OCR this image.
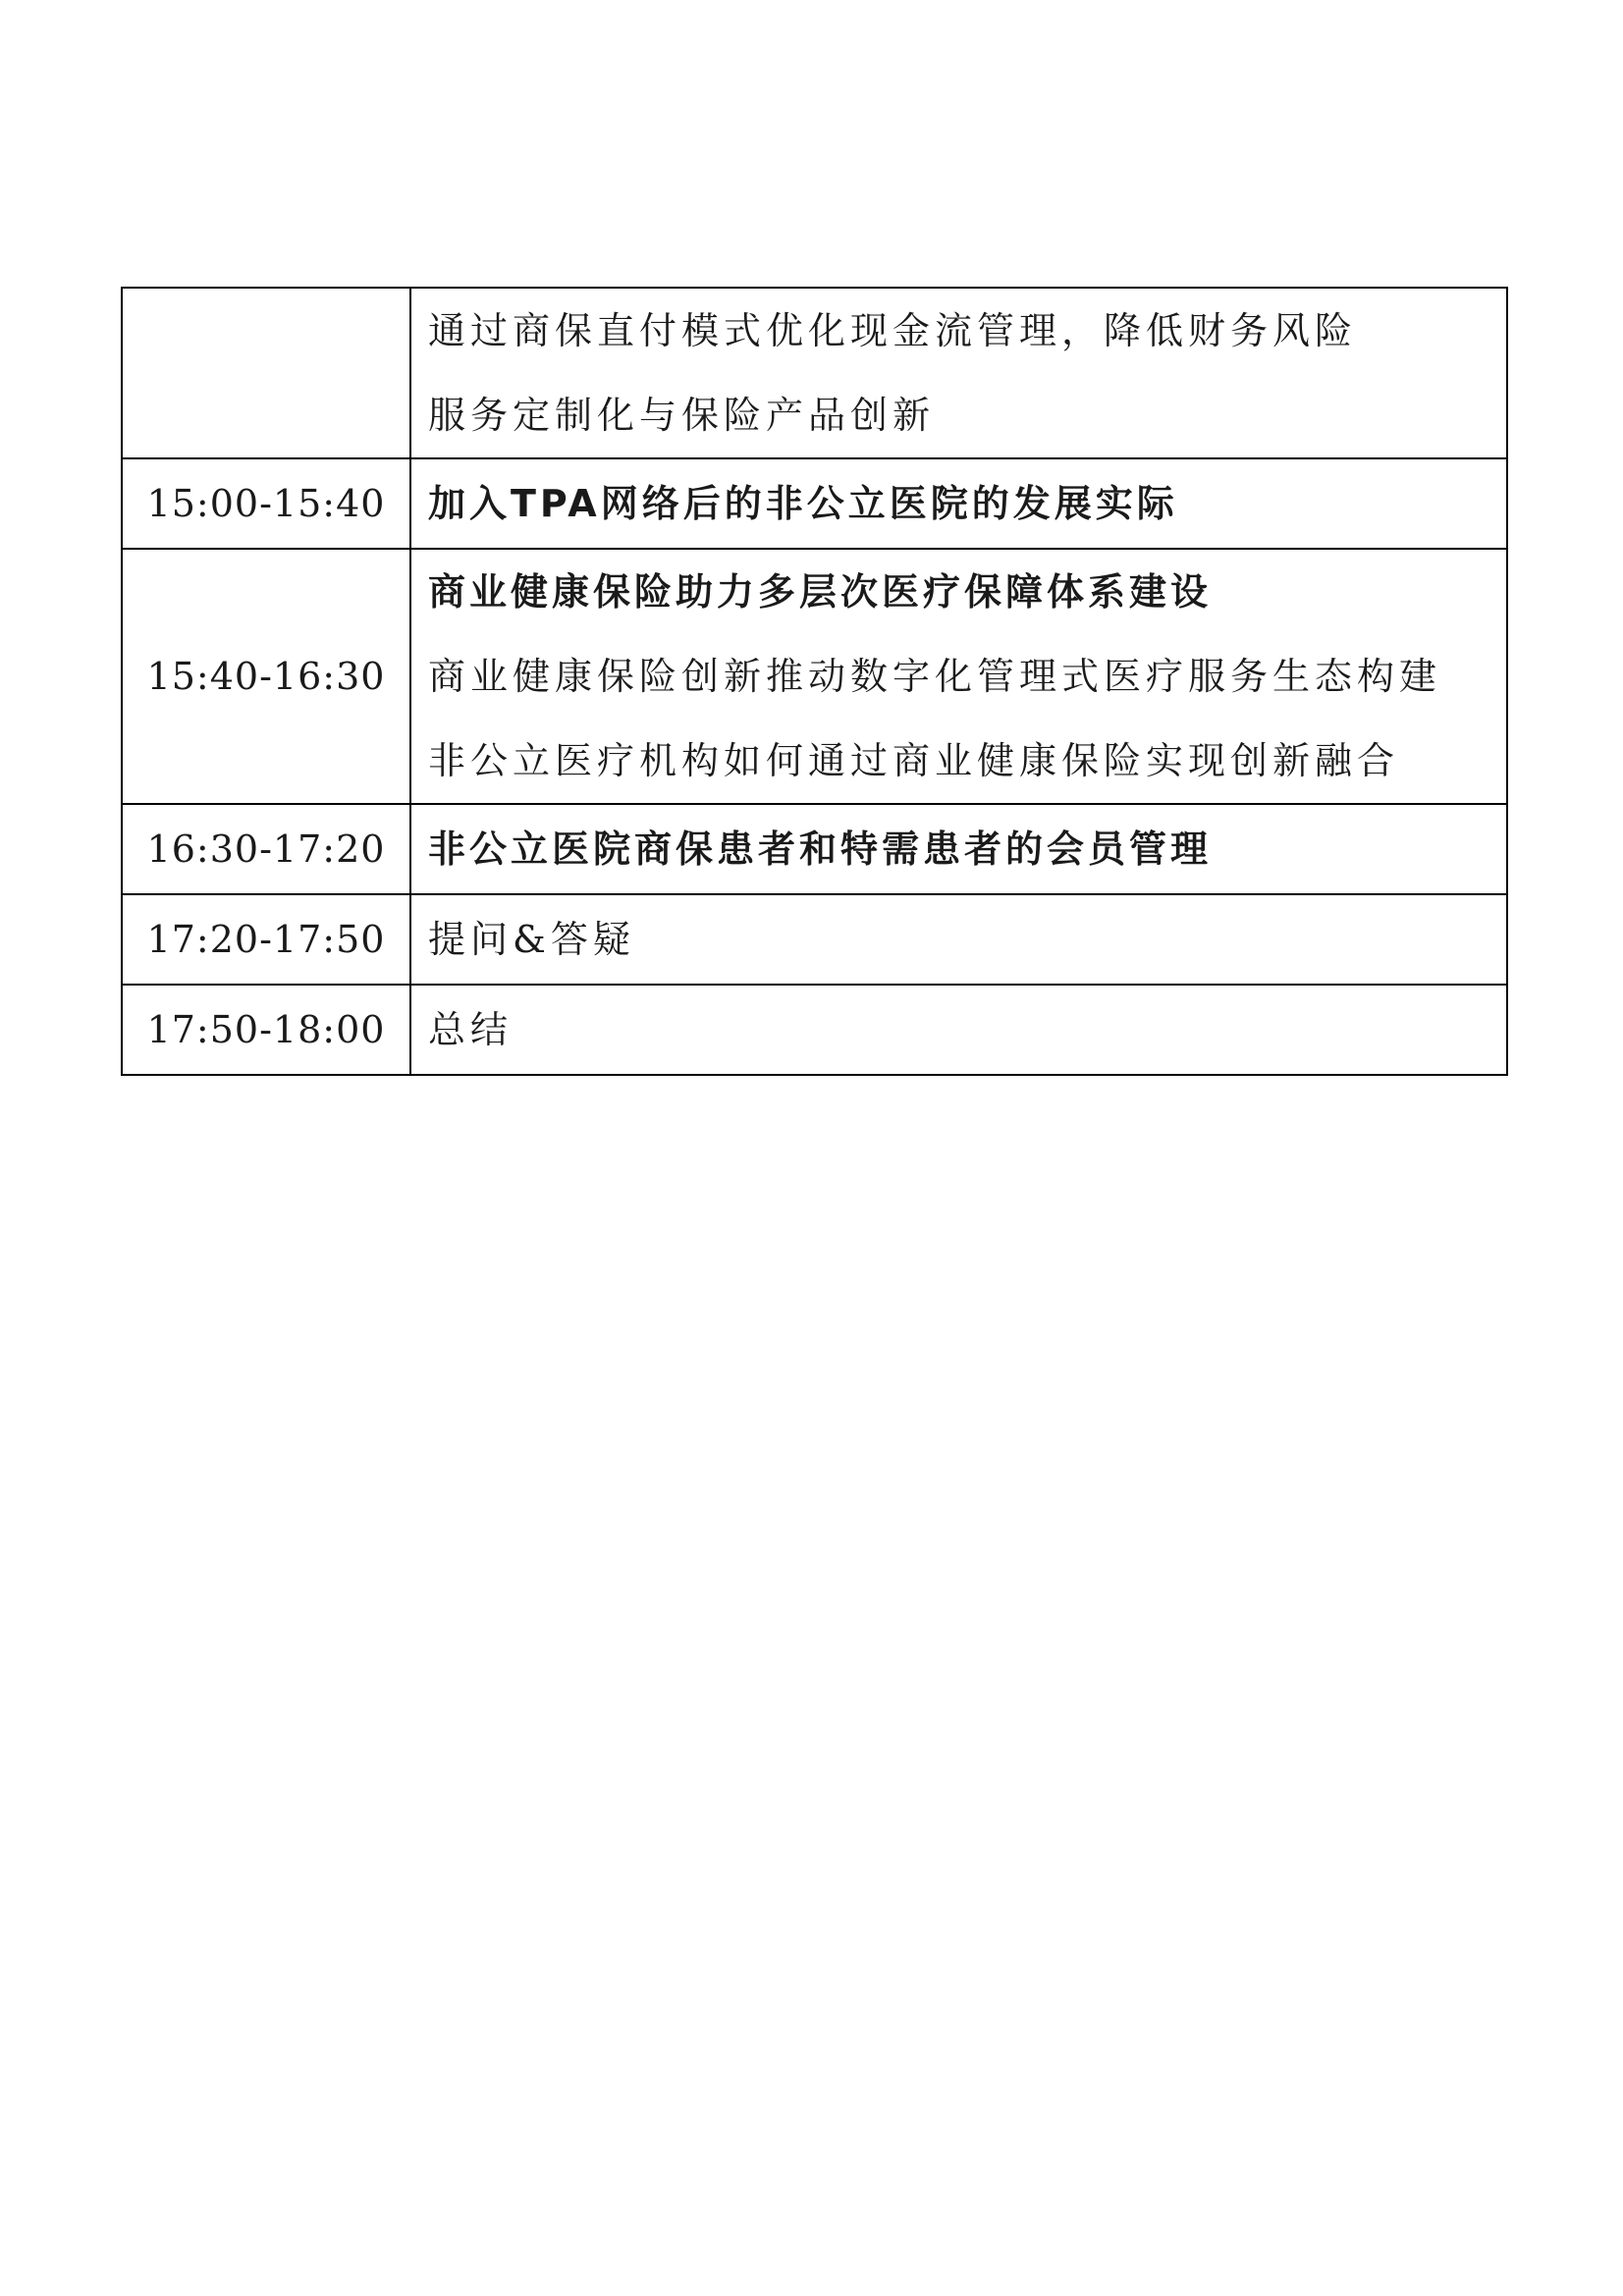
	通过商保直付模式优化现金流管理，降低财务风险
服务定制化与保险产品创新

15:00-15:40	加入TPA网络后的非公立医院的发展实际

15:40-16:30	商业健康保险助力多层次医疗保障体系建设
商业健康保险创新推动数字化管理式医疗服务生态构建
非公立医疗机构如何通过商业健康保险实现创新融合

16:30-17:20	非公立医院商保患者和特需患者的会员管理

17:20-17:50	提问&答疑

17:50-18:00	总结
